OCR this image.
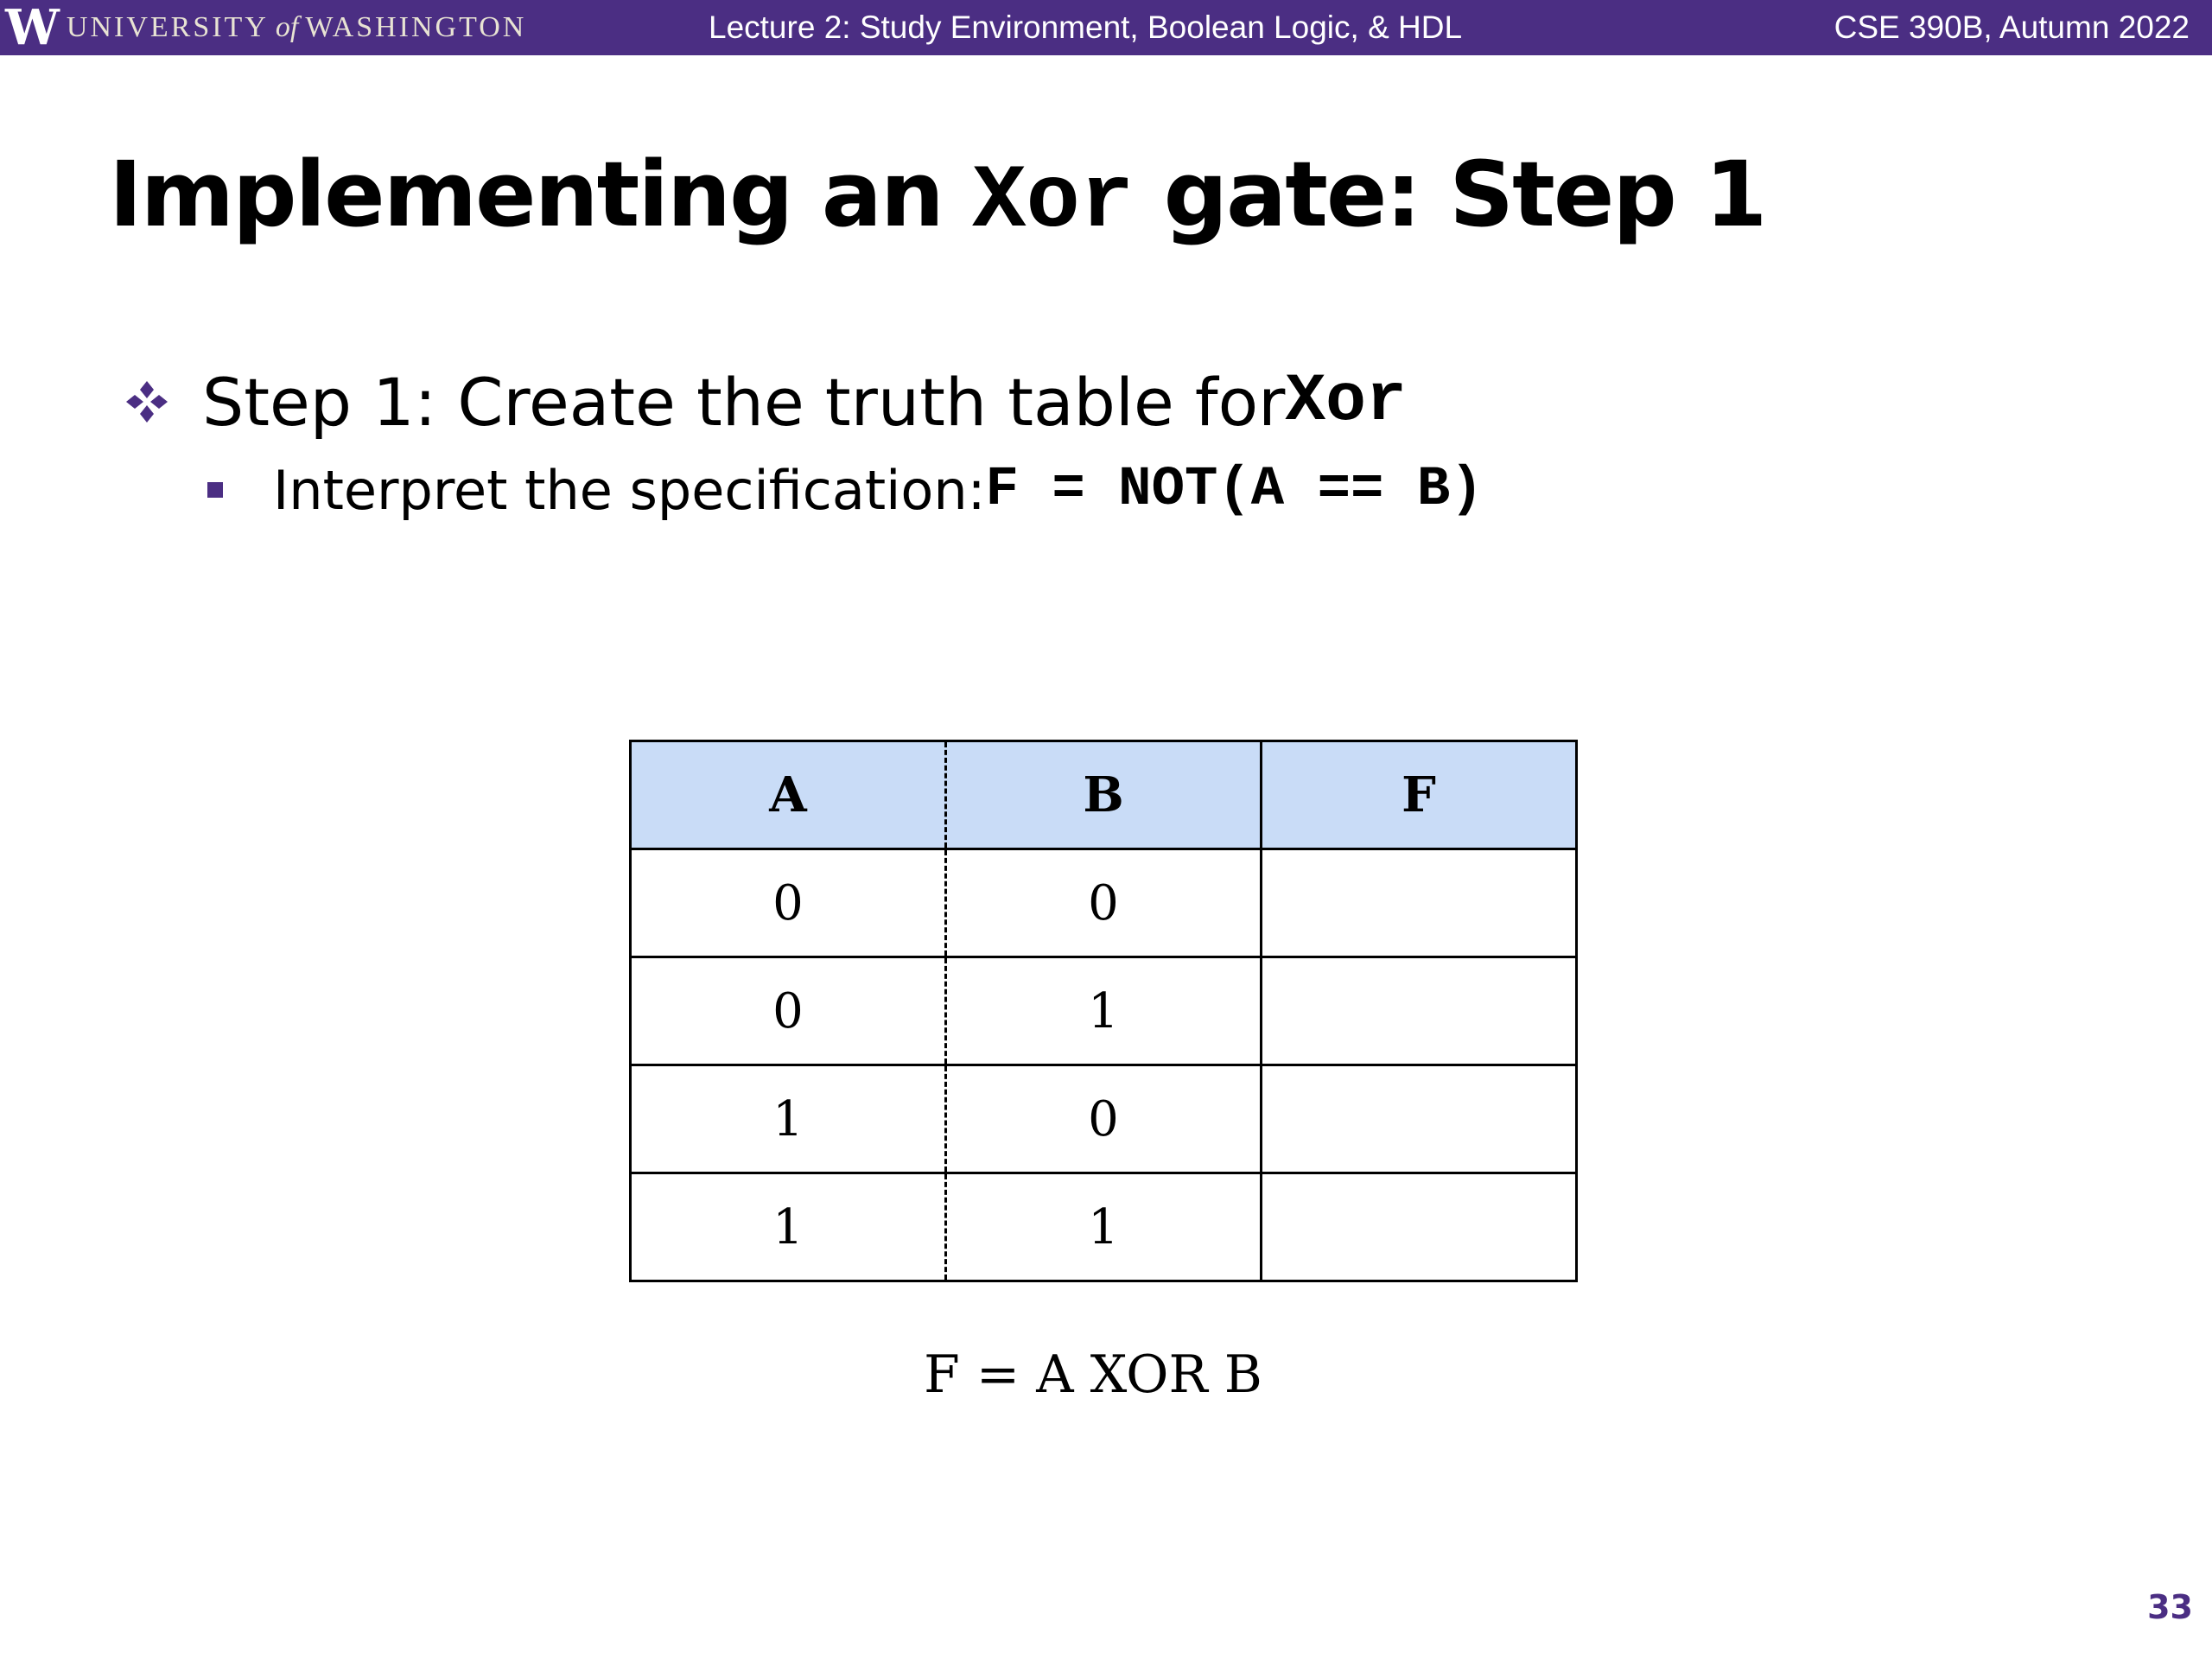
W UNIVERSITY of WASHINGTON	Lecture 2: Study Environment, Boolean Logic, & HDL	CSE 390B, Autumn 2022
Implementing an Xor gate: Step 1
Step 1: Create the truth table for Xor
Interpret the specification: F = NOT(A == B)
A	B	F
0	0	
0	1	
1	0	
1	1	
F = A XOR B
33
